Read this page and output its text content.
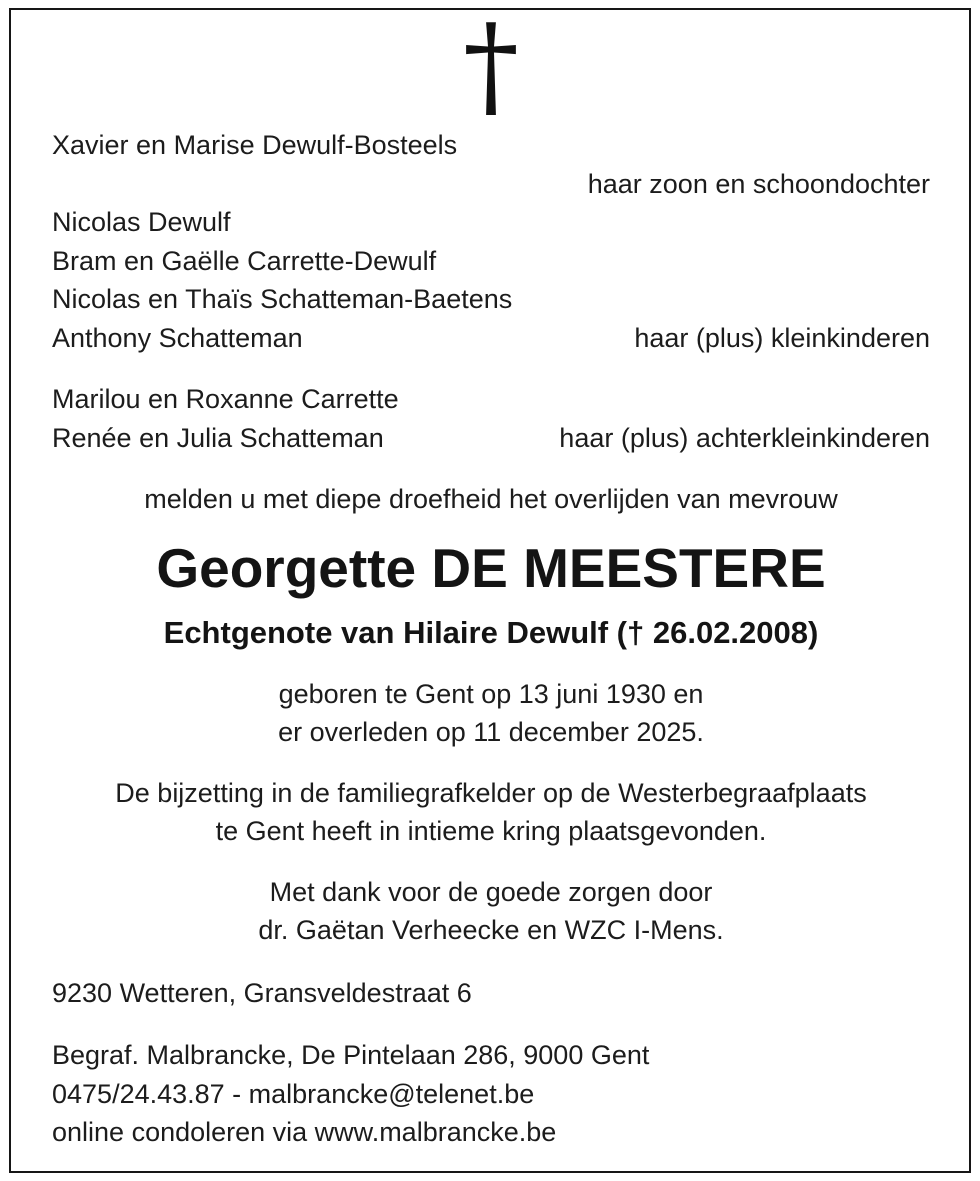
†
Xavier en Marise Dewulf-Bosteels
haar zoon en schoondochter
Nicolas Dewulf
Bram en Gaëlle Carrette-Dewulf
Nicolas en Thaïs Schatteman-Baetens
Anthony Schatteman	haar (plus) kleinkinderen
Marilou en Roxanne Carrette
Renée en Julia Schatteman	haar (plus) achterkleinkinderen
melden u met diepe droefheid het overlijden van mevrouw
Georgette DE MEESTERE
Echtgenote van Hilaire Dewulf († 26.02.2008)
geboren te Gent op 13 juni 1930 en
er overleden op 11 december 2025.
De bijzetting in de familiegrafkelder op de Westerbegraafplaats
te Gent heeft in intieme kring plaatsgevonden.
Met dank voor de goede zorgen door
dr. Gaëtan Verheecke en WZC I-Mens.
9230 Wetteren, Gransveldestraat 6
Begraf. Malbrancke, De Pintelaan 286, 9000 Gent
0475/24.43.87 - malbrancke@telenet.be
online condoleren via www.malbrancke.be
